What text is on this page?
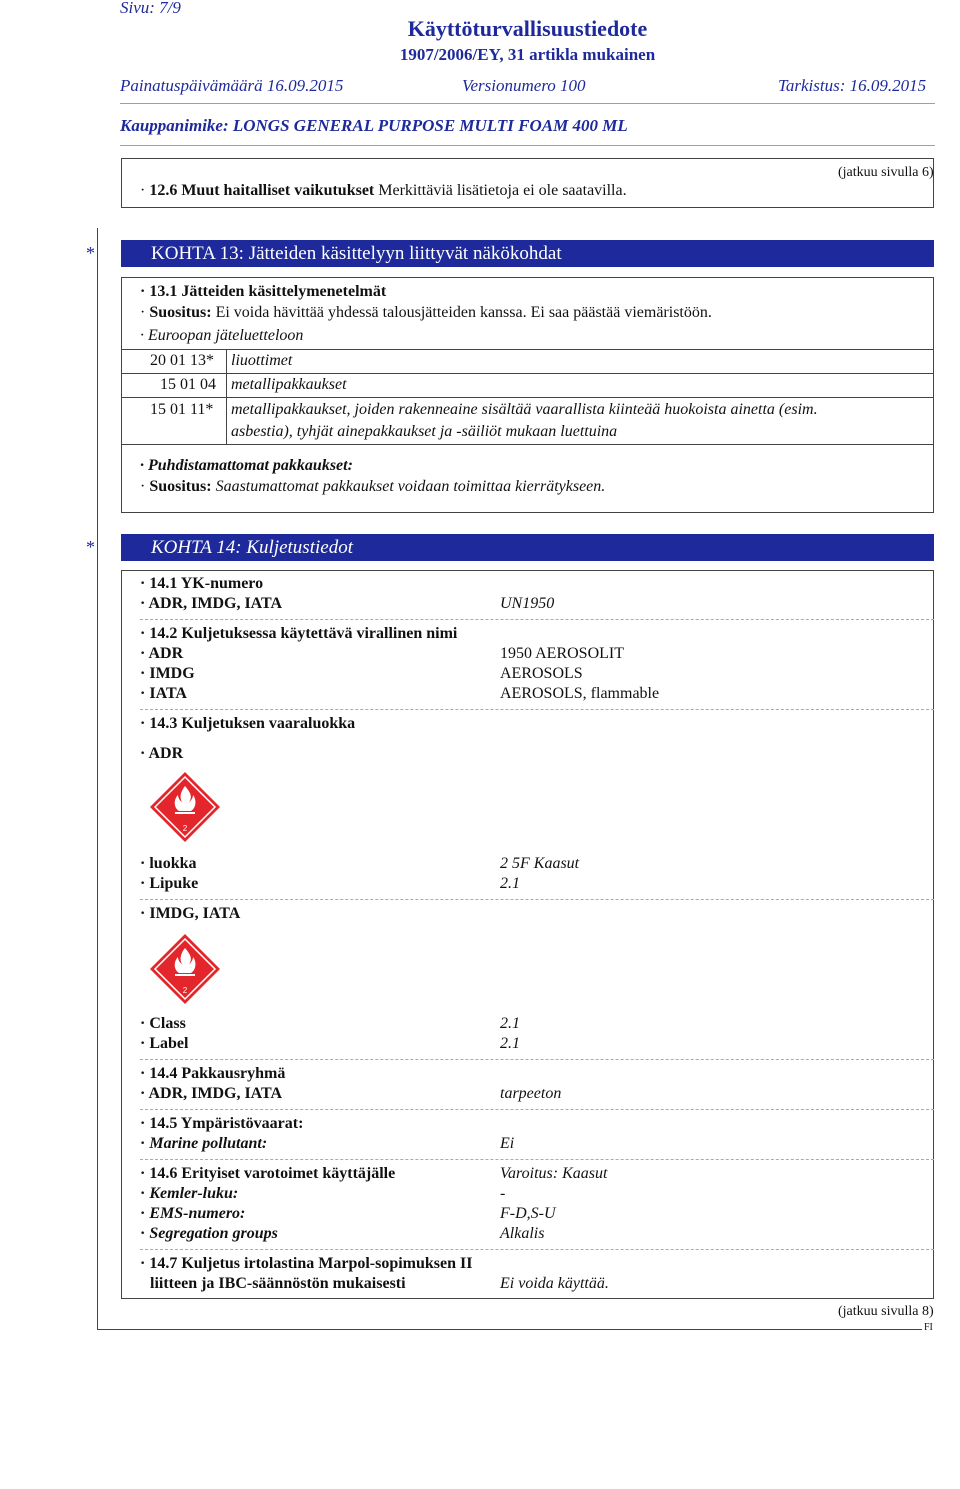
Sivu: 7/9
Käyttöturvallisuustiedote
1907/2006/EY, 31 artikla mukainen
Painatuspäivämäärä 16.09.2015	Versionumero 100	Tarkistus: 16.09.2015
Kauppanimike: LONGS GENERAL PURPOSE MULTI FOAM 400 ML
(jatkuu sivulla 6)
· 12.6 Muut haitalliset vaikutukset Merkittäviä lisätietoja ei ole saatavilla.
*	KOHTA 13: Jätteiden käsittelyyn liittyvät näkökohdat
· 13.1 Jätteiden käsittelymenetelmät
· Suositus: Ei voida hävittää yhdessä talousjätteiden kanssa. Ei saa päästää viemäristöön.
· Euroopan jäteluetteloon
20 01 13* liuottimet
15 01 04 metallipakkaukset
15 01 11* metallipakkaukset, joiden rakenneaine sisältää vaarallista kiinteää huokoista ainetta (esim.
asbestia), tyhjät ainepakkaukset ja -säiliöt mukaan luettuina
· Puhdistamattomat pakkaukset:
· Suositus: Saastumattomat pakkaukset voidaan toimittaa kierrätykseen.
*	KOHTA 14: Kuljetustiedot
· 14.1 YK-numero
· ADR, IMDG, IATA	UN1950
· 14.2 Kuljetuksessa käytettävä virallinen nimi
· ADR	1950 AEROSOLIT
· IMDG	AEROSOLS
· IATA	AEROSOLS, flammable
· 14.3 Kuljetuksen vaaraluokka
· ADR
2
· luokka	2 5F Kaasut
· Lipuke	2.1
· IMDG, IATA
2
· Class	2.1
· Label	2.1
· 14.4 Pakkausryhmä
· ADR, IMDG, IATA	tarpeeton
· 14.5 Ympäristövaarat:
· Marine pollutant:	Ei
· 14.6 Erityiset varotoimet käyttäjälle	Varoitus: Kaasut
· Kemler-luku:	-
· EMS-numero:	F-D,S-U
· Segregation groups	Alkalis
· 14.7 Kuljetus irtolastina Marpol-sopimuksen II
liitteen ja IBC-säännöstön mukaisesti	Ei voida käyttää.
(jatkuu sivulla 8)
FI
